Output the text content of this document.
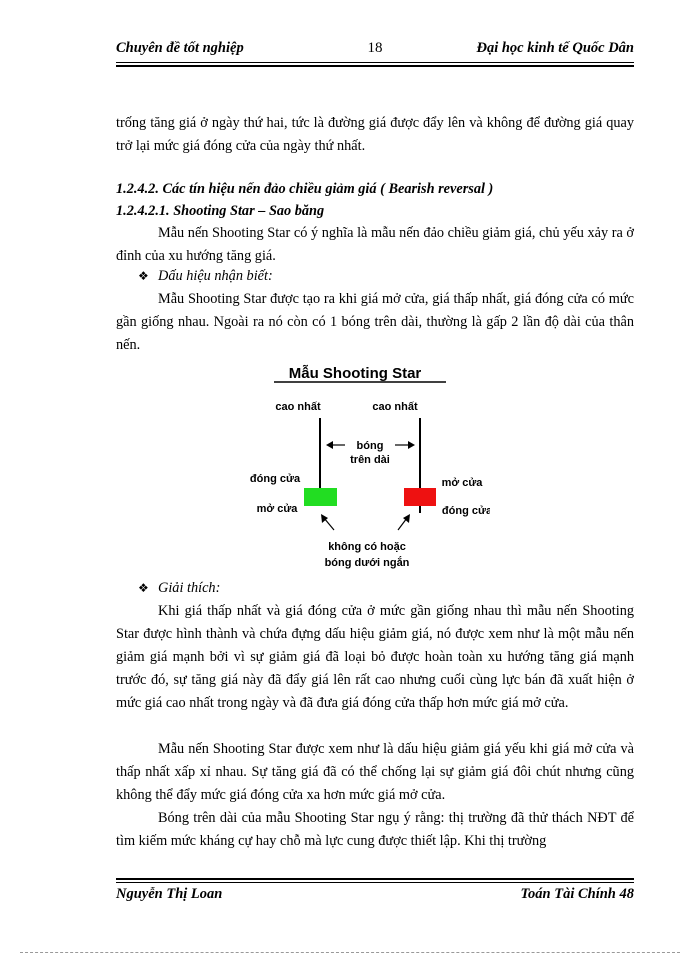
Chuyên đề tốt nghiệp	18	Đại học kinh tế Quốc Dân

trống tăng giá ở ngày thứ hai, tức là đường giá được đẩy lên và không để đường giá quay trở lại mức giá đóng cửa của ngày thứ nhất.

1.2.4.2. Các tín hiệu nến đảo chiều giảm giá ( Bearish reversal )

1.2.4.2.1. Shooting Star – Sao băng

Mẫu nến Shooting Star có ý nghĩa là mẫu nến đảo chiều giảm giá, chủ yếu xảy ra ở đỉnh của xu hướng tăng giá.

❖ Dấu hiệu nhận biết:

Mẫu Shooting Star được tạo ra khi giá mở cửa, giá thấp nhất, giá đóng cửa có mức gần giống nhau. Ngoài ra nó còn có 1 bóng trên dài, thường là gấp 2 lần độ dài của thân nến.

Mẫu Shooting Star
cao nhất	cao nhất
bóng
trên dài
đóng cửa
mở cửa
mở cửa
đóng cửa
không có hoặc
bóng dưới ngắn
❖ Giải thích:

Khi giá thấp nhất và giá đóng cửa ở mức gần giống nhau thì mẫu nến Shooting Star được hình thành và chứa đựng dấu hiệu giảm giá, nó được xem như là một mẫu nến giảm giá mạnh bởi vì sự giảm giá đã loại bỏ được hoàn toàn xu hướng tăng giá mạnh trước đó, sự tăng giá này đã đẩy giá lên rất cao nhưng cuối cùng lực bán đã xuất hiện ở mức giá cao nhất trong ngày và đã đưa giá đóng cửa thấp hơn mức giá mở cửa.

Mẫu nến Shooting Star được xem như là dấu hiệu giảm giá yếu khi giá mở cửa và thấp nhất xấp xỉ nhau. Sự tăng giá đã có thể chống lại sự giảm giá đôi chút nhưng cũng không thể đẩy mức giá đóng cửa xa hơn mức giá mở cửa.

Bóng trên dài của mẫu Shooting Star ngụ ý rằng: thị trường đã thử thách NĐT để tìm kiếm mức kháng cự hay chỗ mà lực cung được thiết lập. Khi thị trường

Nguyễn Thị Loan	Toán Tài Chính 48
